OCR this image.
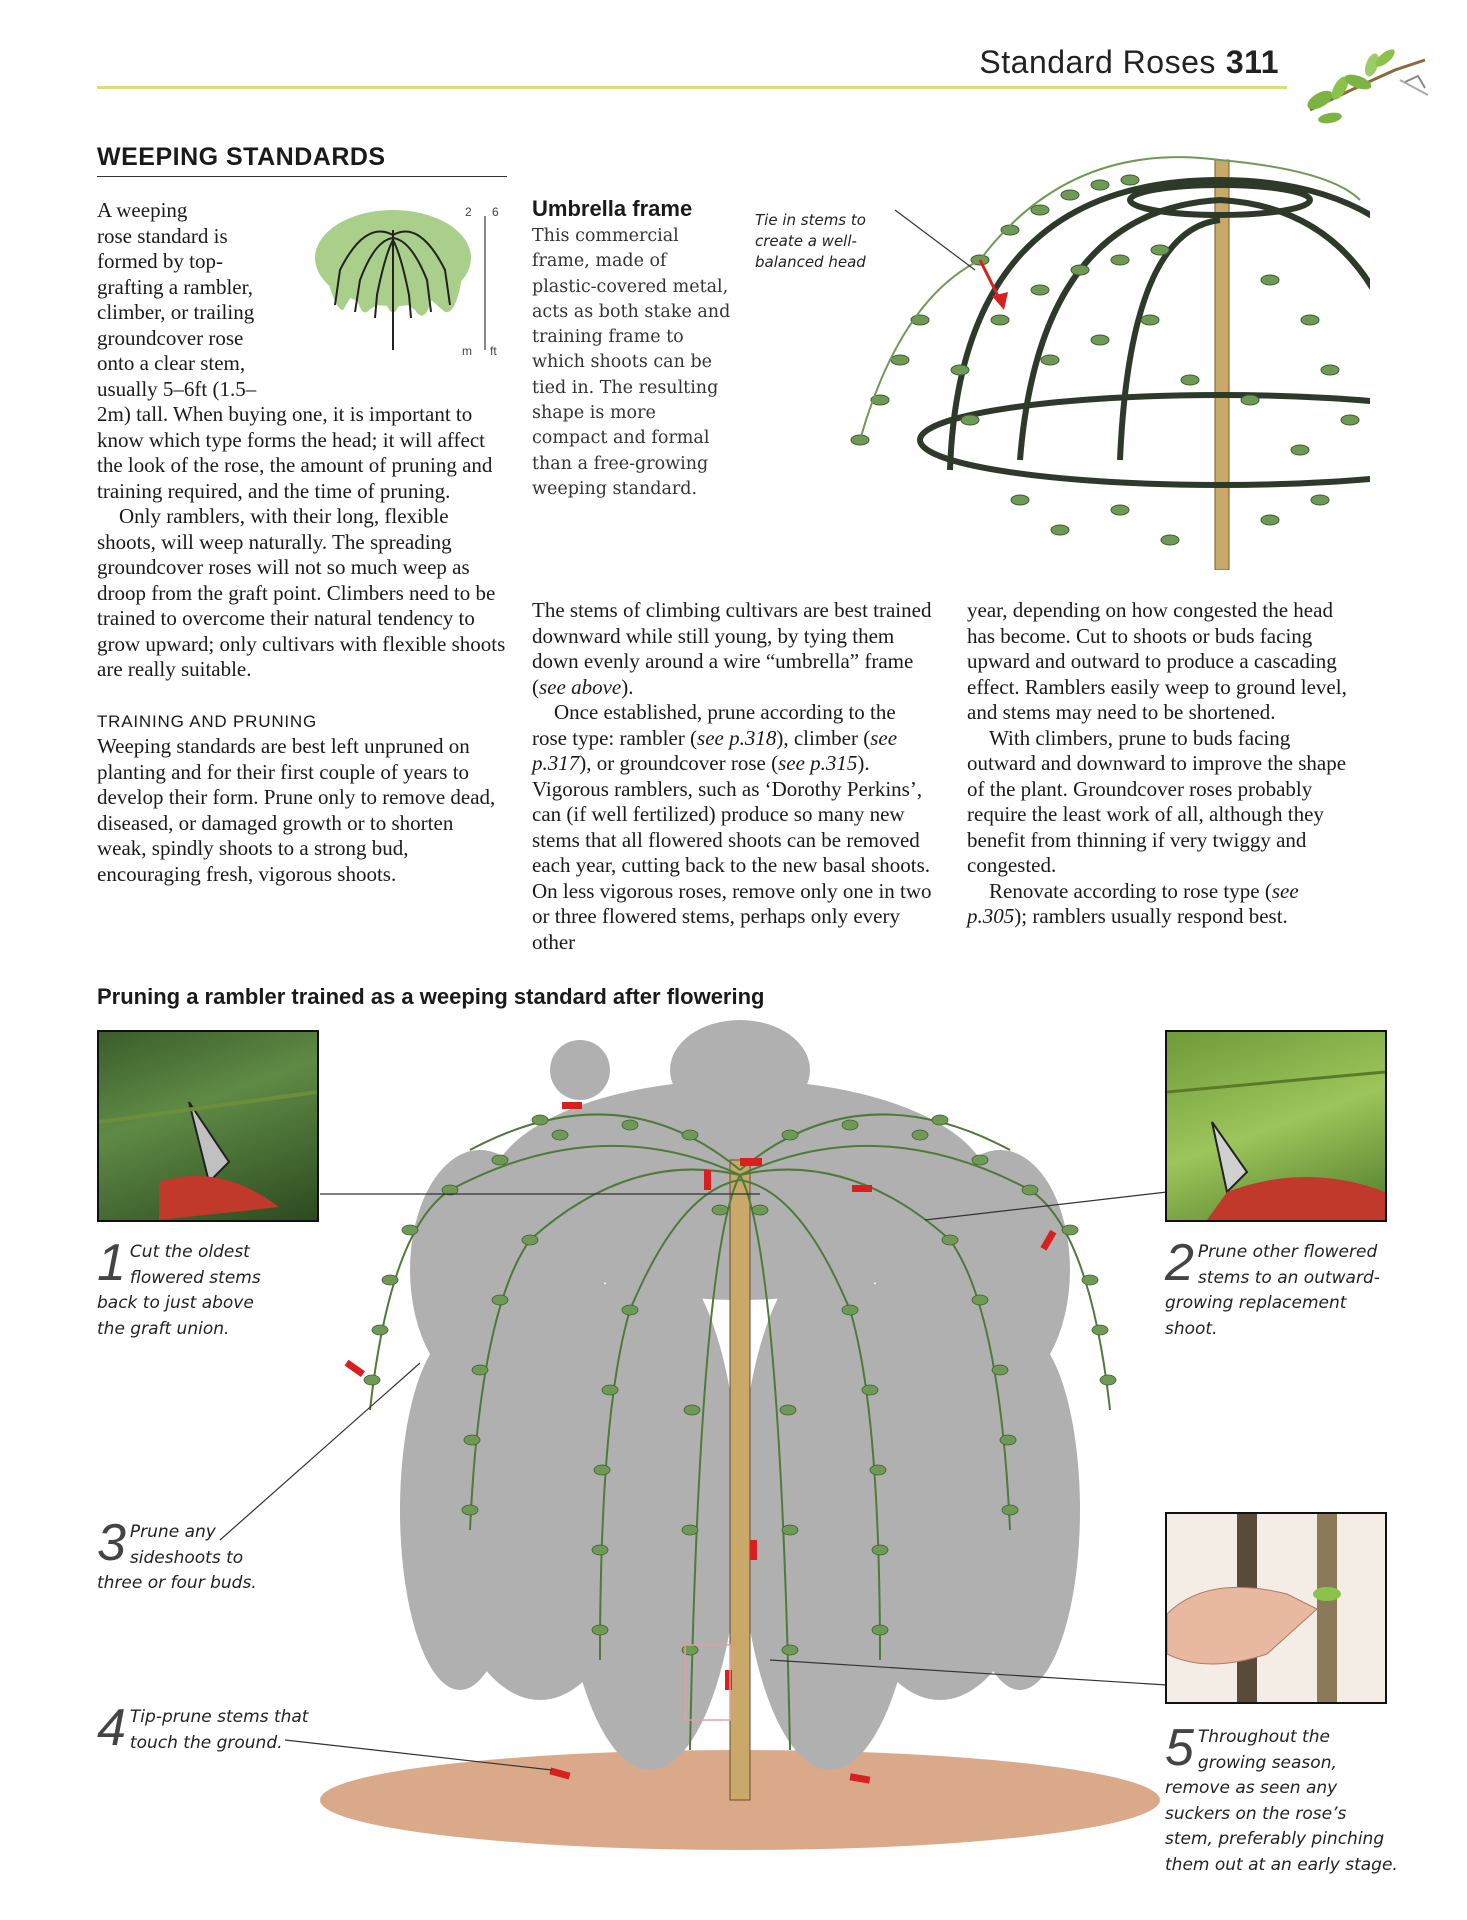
Standard Roses 311
WEEPING STANDARDS
2 6
m ft
A weeping
rose standard is
formed by top-
grafting a rambler,
climber, or trailing
groundcover rose
onto a clear stem,
usually 5–6ft (1.5–

2m) tall. When buying one, it is important to know which type forms the head; it will affect the look of the rose, the amount of pruning and training required, and the time of pruning.

Only ramblers, with their long, flexible shoots, will weep naturally. The spreading groundcover roses will not so much weep as droop from the graft point. Climbers need to be trained to overcome their natural tendency to grow upward; only cultivars with flexible shoots are really suitable.

TRAINING AND PRUNING

Weeping standards are best left unpruned on planting and for their first couple of years to develop their form. Prune only to remove dead, diseased, or damaged growth or to shorten weak, spindly shoots to a strong bud, encouraging fresh, vigorous shoots.

Umbrella frame
This commercial frame, made of plastic-covered metal, acts as both stake and training frame to which shoots can be tied in. The resulting shape is more compact and formal than a free-growing weeping standard.
Tie in stems to create a well-balanced head

The stems of climbing cultivars are best trained downward while still young, by tying them down evenly around a wire “umbrella” frame (see above).

Once established, prune according to the rose type: rambler (see p.318), climber (see p.317), or groundcover rose (see p.315). Vigorous ramblers, such as ‘Dorothy Perkins’, can (if well fertilized) produce so many new stems that all flowered shoots can be removed each year, cutting back to the new basal shoots. On less vigorous roses, remove only one in two or three flowered stems, perhaps only every other

year, depending on how congested the head has become. Cut to shoots or buds facing upward and outward to produce a cascading effect. Ramblers easily weep to ground level, and stems may need to be shortened.

With climbers, prune to buds facing outward and downward to improve the shape of the plant. Groundcover roses probably require the least work of all, although they benefit from thinning if very twiggy and congested.

Renovate according to rose type (see p.305); ramblers usually respond best.

Pruning a rambler trained as a weeping standard after flowering
1 Cut the oldest
flowered stems
back to just above
the graft union.
2 Prune other flowered
stems to an outward-
growing replacement
shoot.
3 Prune any
sideshoots to
three or four buds.
4 Tip-prune stems that
touch the ground.	5 Throughout the
growing season,
remove as seen any
suckers on the rose’s
stem, preferably pinching
them out at an early stage.
